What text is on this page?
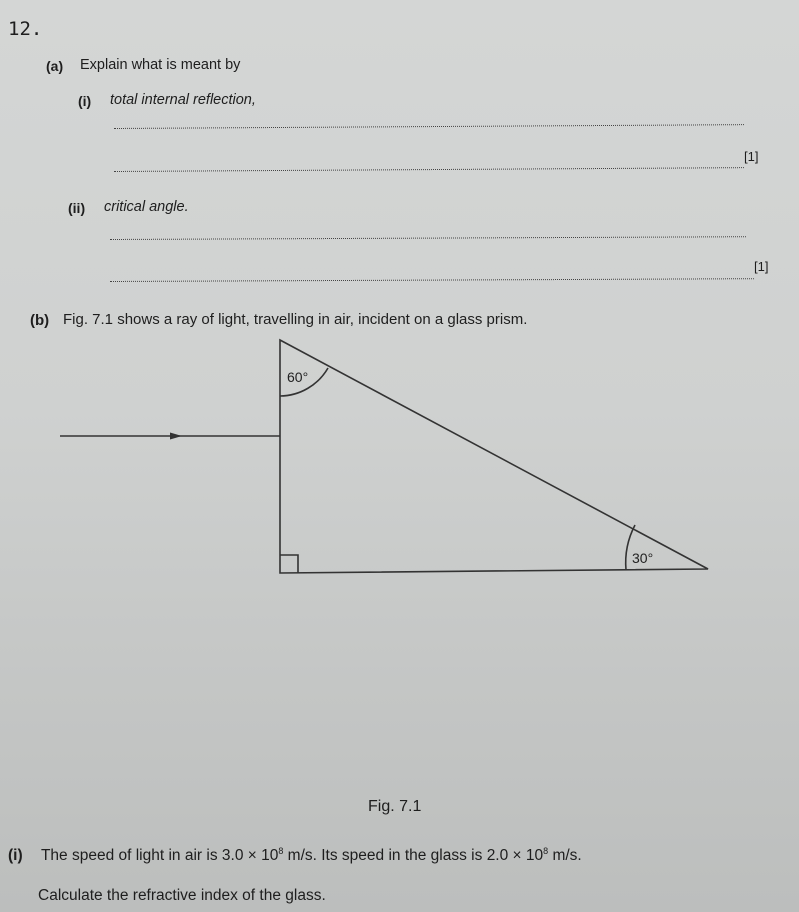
12.
(a) Explain what is meant by
(i) total internal reflection,
[1]
(ii) critical angle.
[1]
(b) Fig. 7.1 shows a ray of light, travelling in air, incident on a glass prism.
60°
30°
Fig. 7.1
(i) The speed of light in air is $3.0 \times 10^8$ m/s. Its speed in the glass is $2.0 \times 10^8$ m/s.
Calculate the refractive index of the glass.
